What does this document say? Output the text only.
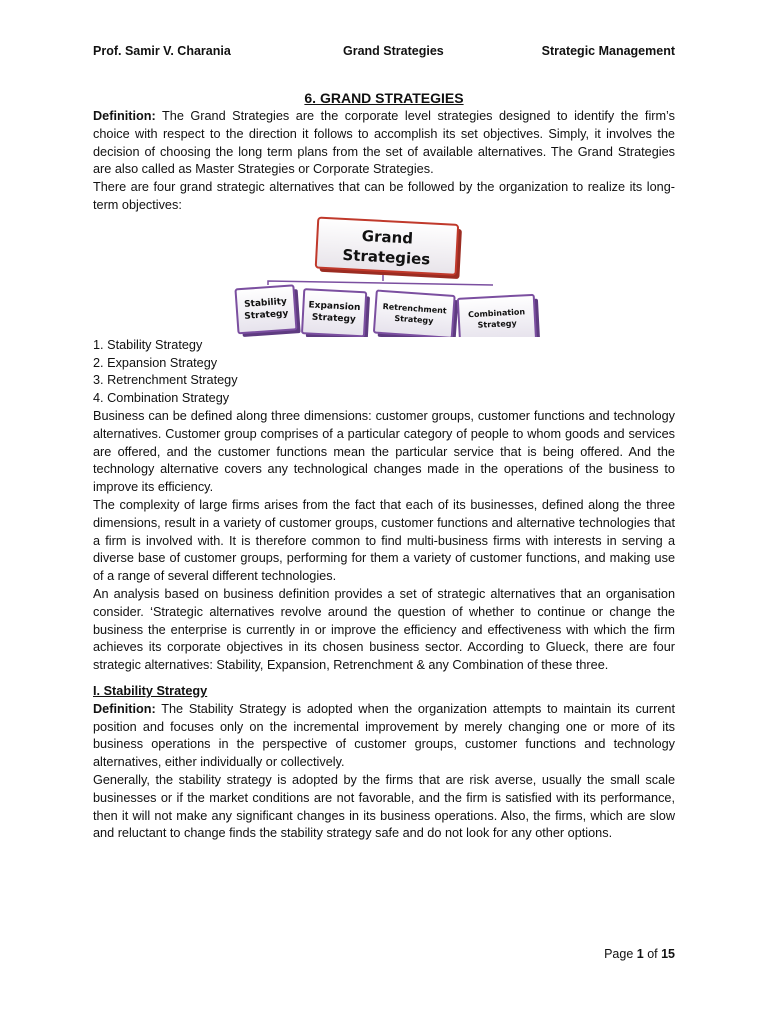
Prof. Samir V. Charania	Grand Strategies	Strategic Management
6. GRAND STRATEGIES

Definition: The Grand Strategies are the corporate level strategies designed to identify the firm’s choice with respect to the direction it follows to accomplish its set objectives. Simply, it involves the decision of choosing the long term plans from the set of available alternatives. The Grand Strategies are also called as Master Strategies or Corporate Strategies.

There are four grand strategic alternatives that can be followed by the organization to realize its long-term objectives:

Grand
Strategies
Stability
Strategy
Expansion
Strategy
Retrenchment
Strategy
Combination
Strategy

1. Stability Strategy

2. Expansion Strategy

3. Retrenchment Strategy

4. Combination Strategy

Business can be defined along three dimensions: customer groups, customer functions and technology alternatives. Customer group comprises of a particular category of people to whom goods and services are offered, and the customer functions mean the particular service that is being offered. And the technology alternative covers any technological changes made in the operations of the business to improve its efficiency.

The complexity of large firms arises from the fact that each of its businesses, defined along the three dimensions, result in a variety of customer groups, customer functions and alternative technologies that a firm is involved with. It is therefore common to find multi-business firms with interests in serving a diverse base of customer groups, performing for them a variety of customer functions, and making use of a range of several different technologies.

An analysis based on business definition provides a set of strategic alternatives that an organisation consider. ‘Strategic alternatives revolve around the question of whether to continue or change the business the enterprise is currently in or improve the efficiency and effectiveness with which the firm achieves its corporate objectives in its chosen business sector. According to Glueck, there are four strategic alternatives: Stability, Expansion, Retrenchment & any Combination of these three.

I. Stability Strategy

Definition: The Stability Strategy is adopted when the organization attempts to maintain its current position and focuses only on the incremental improvement by merely changing one or more of its business operations in the perspective of customer groups, customer functions and technology alternatives, either individually or collectively.

Generally, the stability strategy is adopted by the firms that are risk averse, usually the small scale businesses or if the market conditions are not favorable, and the firm is satisfied with its performance, then it will not make any significant changes in its business operations. Also, the firms, which are slow and reluctant to change finds the stability strategy safe and do not look for any other options.

Page 1 of 15
